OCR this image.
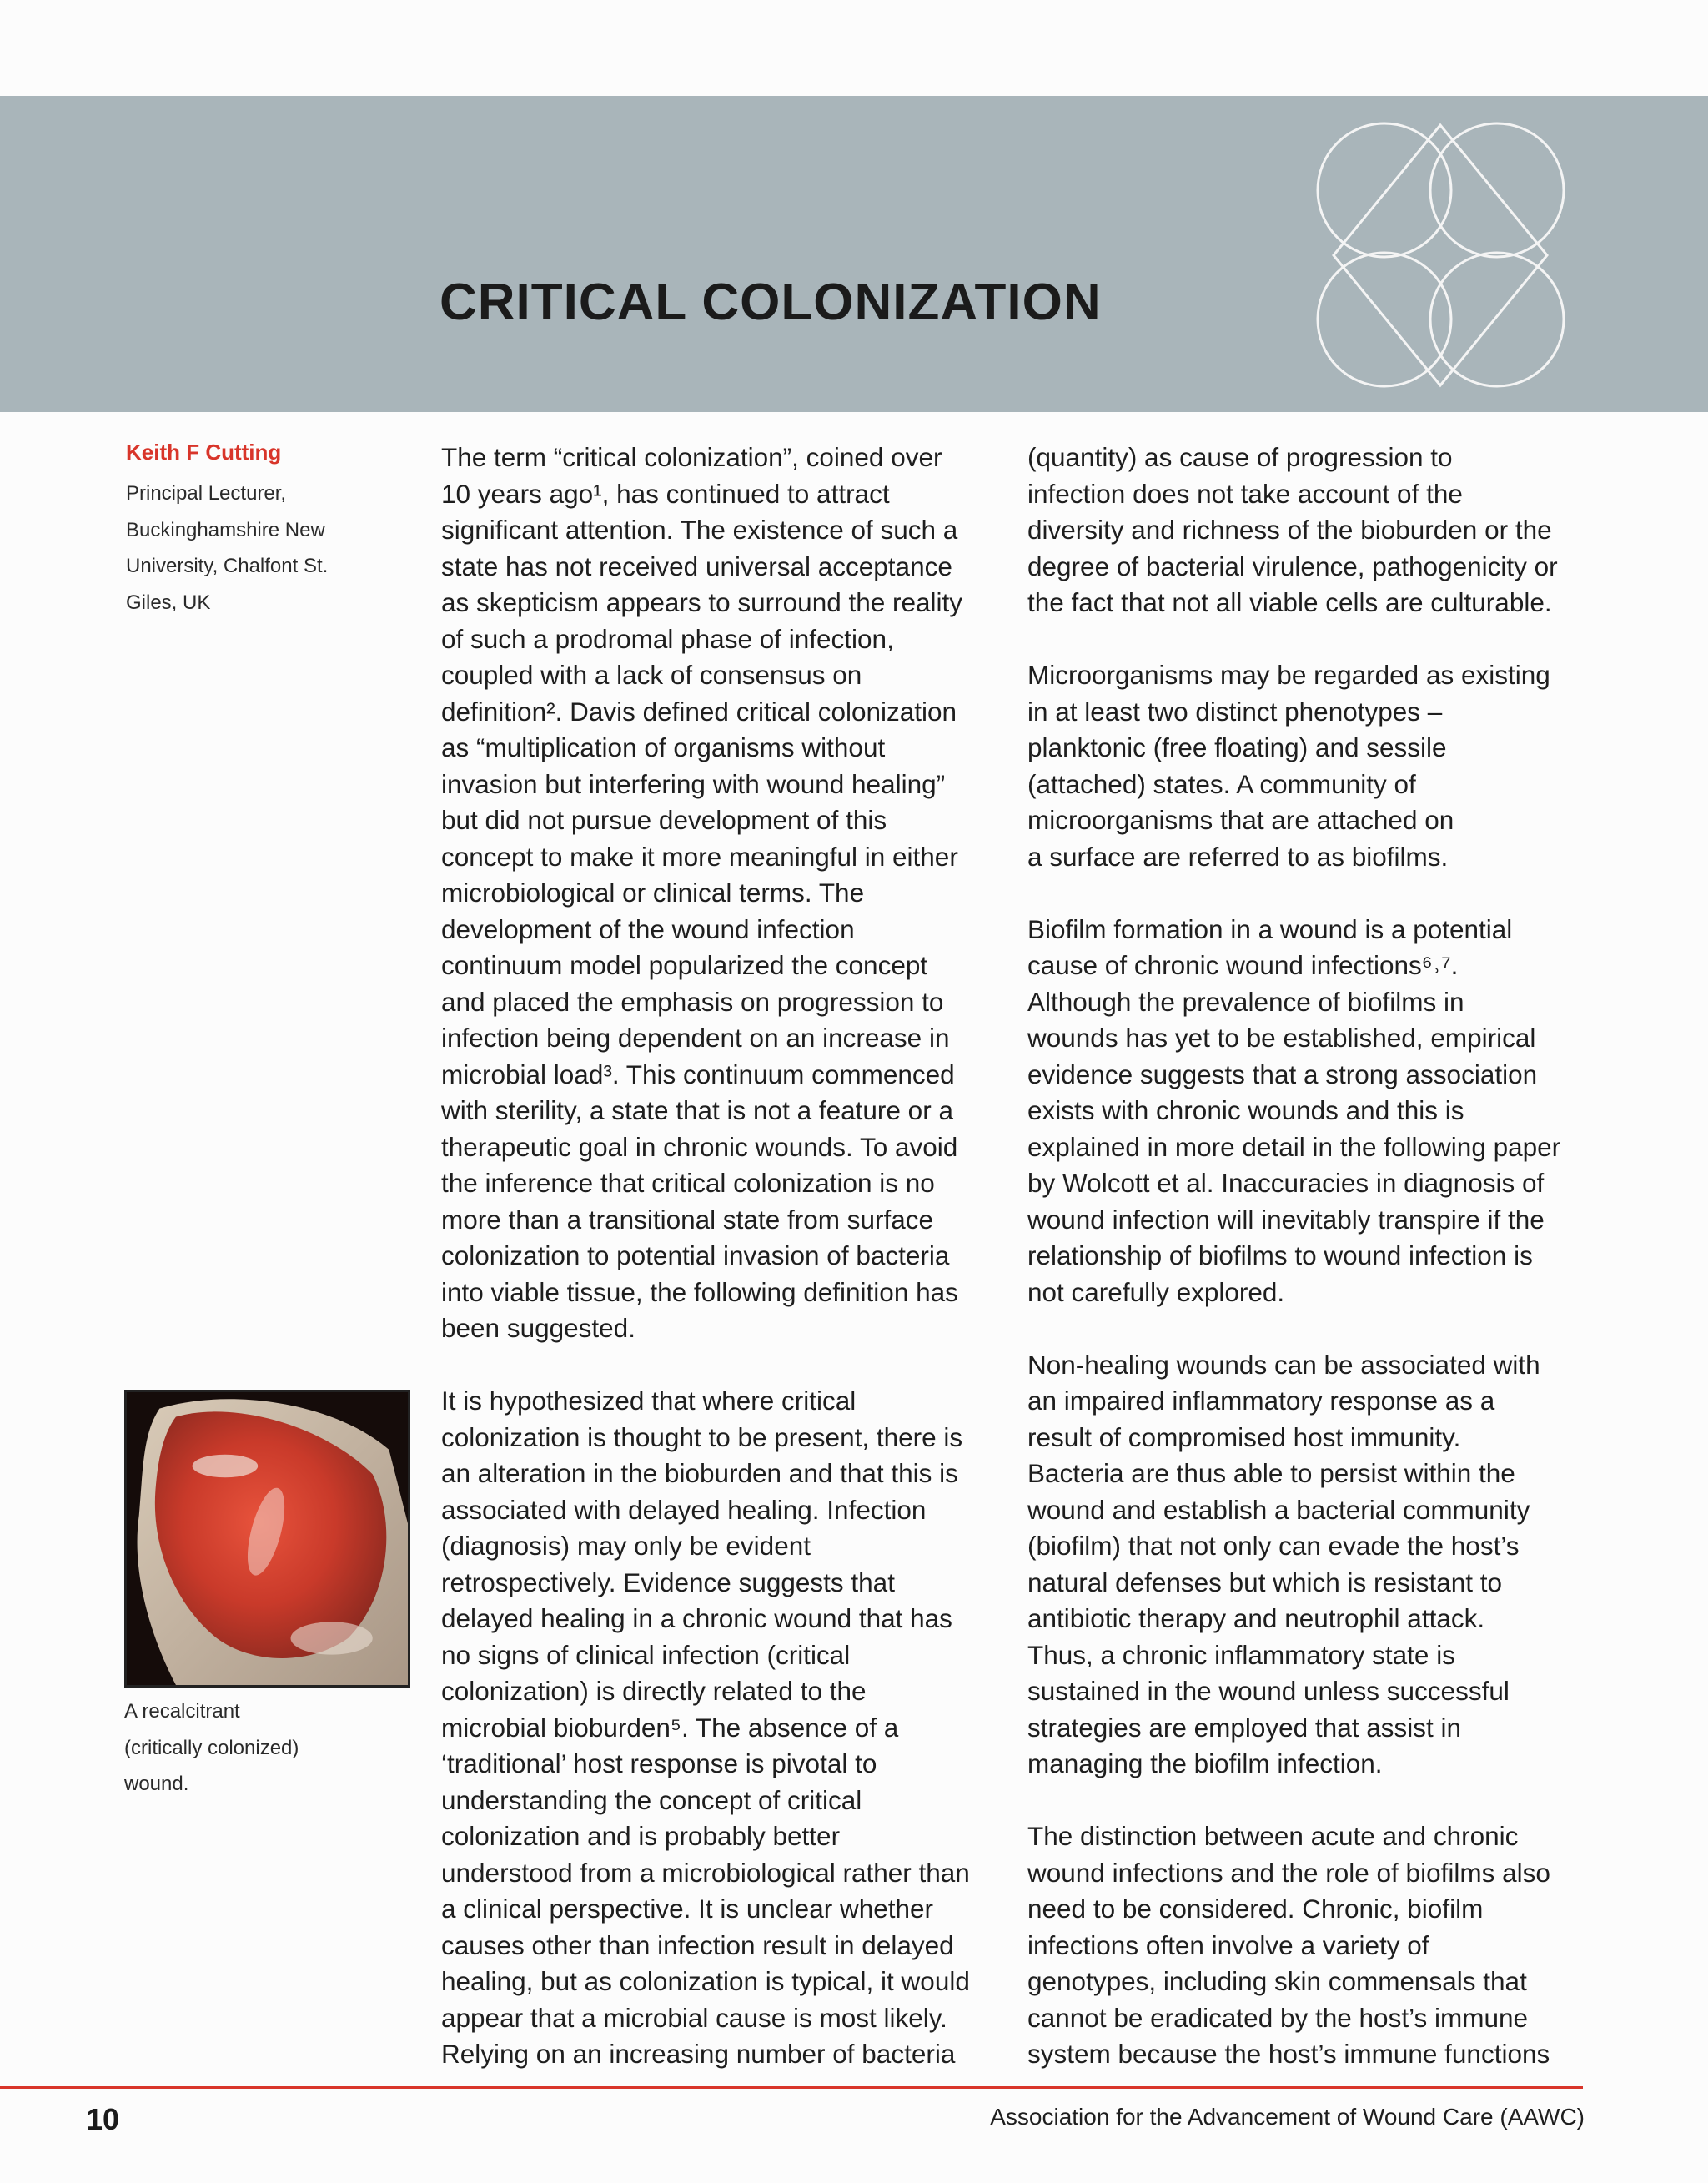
CRITICAL COLONIZATION
Keith F Cutting
Principal Lecturer,
Buckinghamshire New
University, Chalfont St.
Giles, UK
A recalcitrant
(critically colonized)
wound.
The term “critical colonization”, coined over
10 years ago¹, has continued to attract
significant attention. The existence of such a
state has not received universal acceptance
as skepticism appears to surround the reality
of such a prodromal phase of infection,
coupled with a lack of consensus on
definition². Davis defined critical colonization
as “multiplication of organisms without
invasion but interfering with wound healing”
but did not pursue development of this
concept to make it more meaningful in either
microbiological or clinical terms. The
development of the wound infection
continuum model popularized the concept
and placed the emphasis on progression to
infection being dependent on an increase in
microbial load³. This continuum commenced
with sterility, a state that is not a feature or a
therapeutic goal in chronic wounds. To avoid
the inference that critical colonization is no
more than a transitional state from surface
colonization to potential invasion of bacteria
into viable tissue, the following definition has
been suggested.
It is hypothesized that where critical
colonization is thought to be present, there is
an alteration in the bioburden and that this is
associated with delayed healing. Infection
(diagnosis) may only be evident
retrospectively. Evidence suggests that
delayed healing in a chronic wound that has
no signs of clinical infection (critical
colonization) is directly related to the
microbial bioburden⁵. The absence of a
‘traditional’ host response is pivotal to
understanding the concept of critical
colonization and is probably better
understood from a microbiological rather than
a clinical perspective. It is unclear whether
causes other than infection result in delayed
healing, but as colonization is typical, it would
appear that a microbial cause is most likely.
Relying on an increasing number of bacteria
(quantity) as cause of progression to
infection does not take account of the
diversity and richness of the bioburden or the
degree of bacterial virulence, pathogenicity or
the fact that not all viable cells are culturable.
Microorganisms may be regarded as existing
in at least two distinct phenotypes –
planktonic (free floating) and sessile
(attached) states. A community of
microorganisms that are attached on
a surface are referred to as biofilms.
Biofilm formation in a wound is a potential
cause of chronic wound infections⁶˒⁷.
Although the prevalence of biofilms in
wounds has yet to be established, empirical
evidence suggests that a strong association
exists with chronic wounds and this is
explained in more detail in the following paper
by Wolcott et al. Inaccuracies in diagnosis of
wound infection will inevitably transpire if the
relationship of biofilms to wound infection is
not carefully explored.
Non-healing wounds can be associated with
an impaired inflammatory response as a
result of compromised host immunity.
Bacteria are thus able to persist within the
wound and establish a bacterial community
(biofilm) that not only can evade the host’s
natural defenses but which is resistant to
antibiotic therapy and neutrophil attack.
Thus, a chronic inflammatory state is
sustained in the wound unless successful
strategies are employed that assist in
managing the biofilm infection.
The distinction between acute and chronic
wound infections and the role of biofilms also
need to be considered. Chronic, biofilm
infections often involve a variety of
genotypes, including skin commensals that
cannot be eradicated by the host’s immune
system because the host’s immune functions
10	Association for the Advancement of Wound Care (AAWC)
